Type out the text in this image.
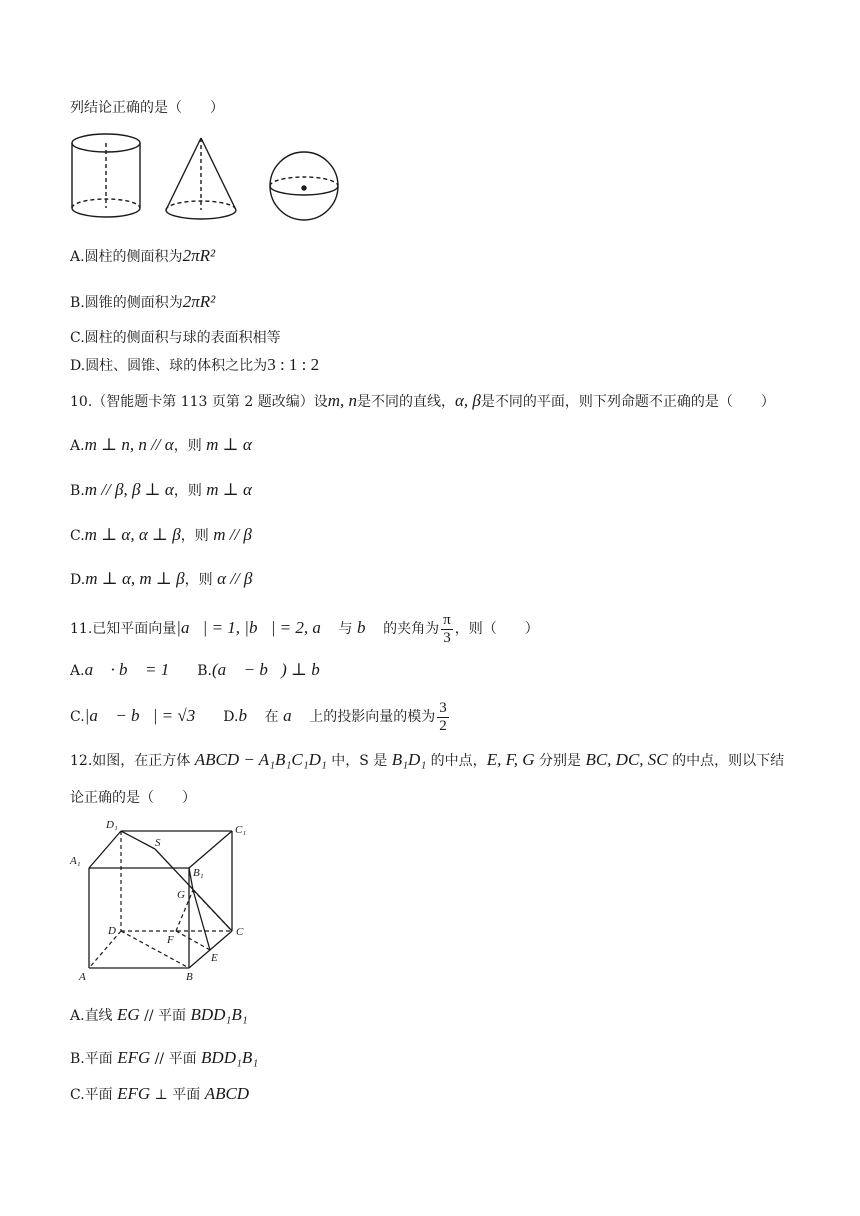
列结论正确的是（　　）
A.圆柱的侧面积为2πR²
B.圆锥的侧面积为2πR²
C.圆柱的侧面积与球的表面积相等
D.圆柱、圆锥、球的体积之比为3 : 1 : 2
10.（智能题卡第 113 页第 2 题改编）设m, n是不同的直线，α, β是不同的平面，则下列命题不正确的是（　　）
A.m ⊥ n, n // α，则 m ⊥ α
B.m // β, β ⊥ α，则 m ⊥ α
C.m ⊥ α, α ⊥ β，则 m // β
D.m ⊥ α, m ⊥ β，则 α // β
11.已知平面向量|a⃗| = 1, |b⃗| = 2, a⃗ 与 b⃗ 的夹角为 $\frac{\pi}{3}$ ，则（　　）
A.a⃗ · b⃗ = 1 B.(a⃗ − b⃗) ⊥ b⃗
C.|a⃗ − b⃗| = √3 D.b⃗ 在 a⃗ 上的投影向量的模为 $\frac{3}{2}$
12.如图，在正方体 ABCD − A₁B₁C₁D₁ 中，S 是 B₁D₁ 的中点，E, F, G 分别是 BC, DC, SC 的中点，则以下结
论正确的是（　　）
D₁	C₁
A₁
S
B₁
G
D
F
C
E
A	B
A.直线 EG // 平面 BDD₁B₁
B.平面 EFG // 平面 BDD₁B₁
C.平面 EFG ⊥ 平面 ABCD
